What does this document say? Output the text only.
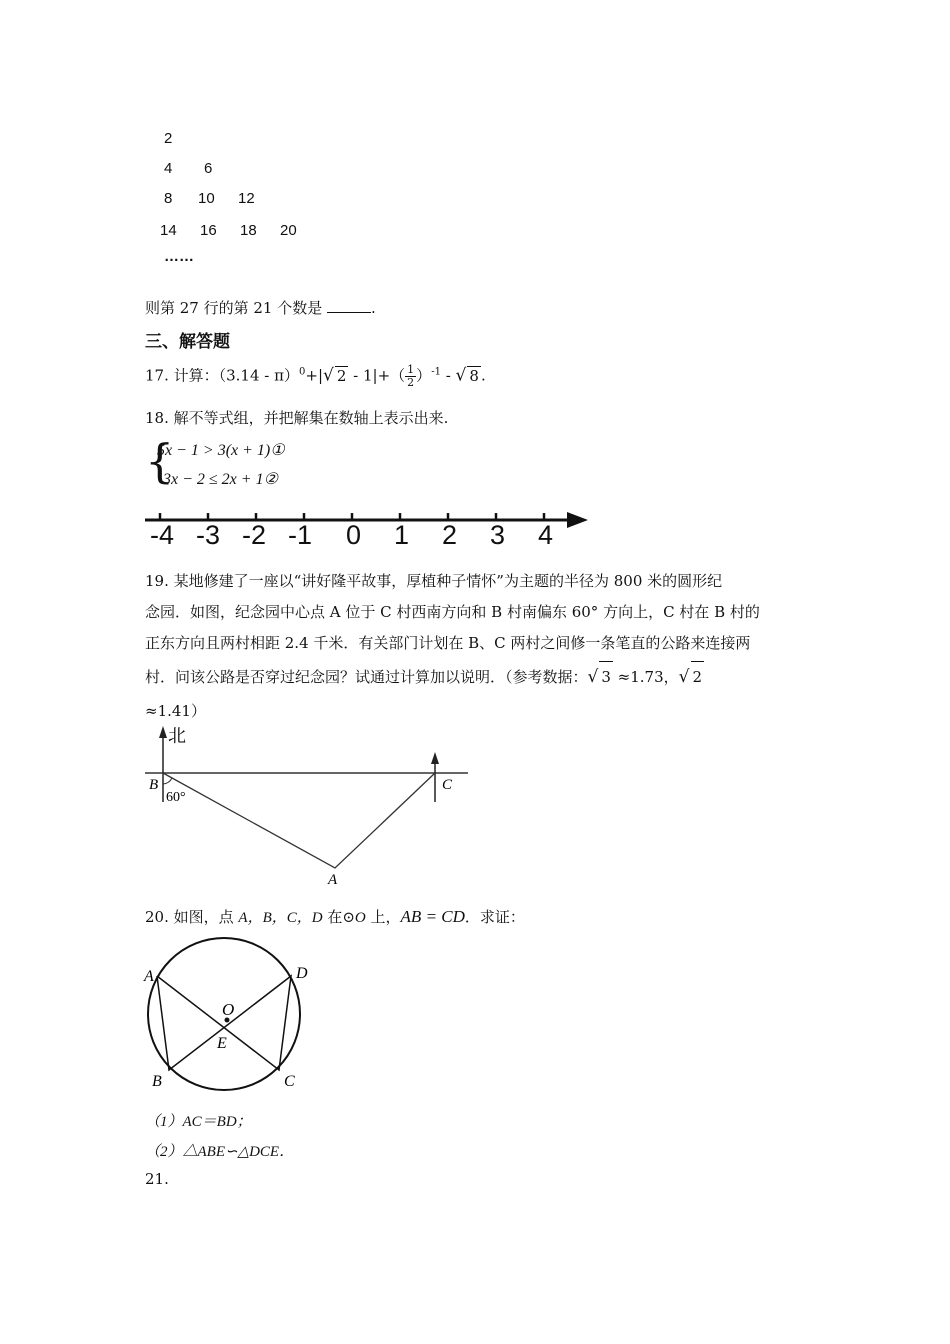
2
4 6
8 10 12
14 16 18 20
……
则第 27 行的第 21 个数是	.
三、解答题
17. 计算：（3.14 - π）$^0$+|√ $2 - 1|+( \frac{1}{2} )^{-1}$ - √ 8 .
18. 解不等式组，并把解集在数轴上表示出来.
{
5x − 1 > 3(x + 1)①
3x − 2 ≤ 2x + 1②
-4 -3 -2 -1 0 1 2 3 4
19. 某地修建了一座以“讲好隆平故事，厚植种子情怀”为主题的半径为 800 米的圆形纪
念园．如图，纪念园中心点 A 位于 C 村西南方向和 B 村南偏东 60° 方向上，C 村在 B 村的
正东方向且两村相距 2.4 千米．有关部门计划在 B、C 两村之间修一条笔直的公路来连接两
村．问该公路是否穿过纪念园？试通过计算加以说明．（参考数据：√ 3 ≈1.73，√ 2
≈1.41）
北
B
60°
C
A
20. 如图，点 A，B，C，D 在⊙O 上，AB = CD．求证：
A	D
B	C
O
E
（1）AC＝BD；
（2）△ABE∽△DCE．
21.
